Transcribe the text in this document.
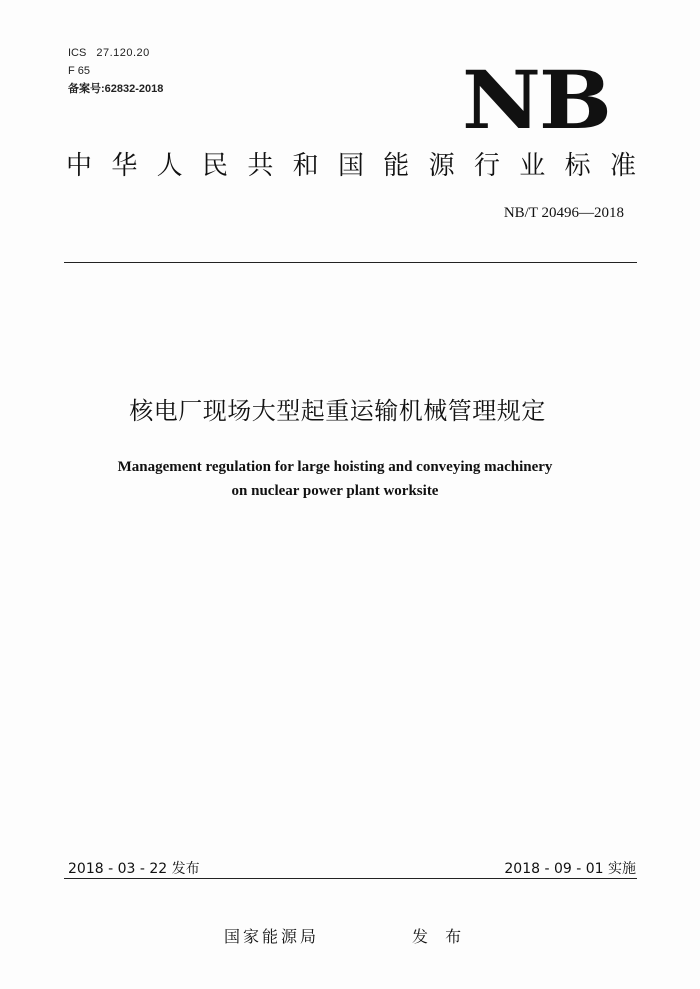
ICS 27.120.20
F 65
备案号:62832-2018	NB
中 华 人 民 共 和 国 能 源 行 业 标 准
NB/T 20496—2018
核电厂现场大型起重运输机械管理规定
Management regulation for large hoisting and conveying machinery
on nuclear power plant worksite
2018 - 03 - 22 发布	2018 - 09 - 01 实施
国家能源局	发 布
